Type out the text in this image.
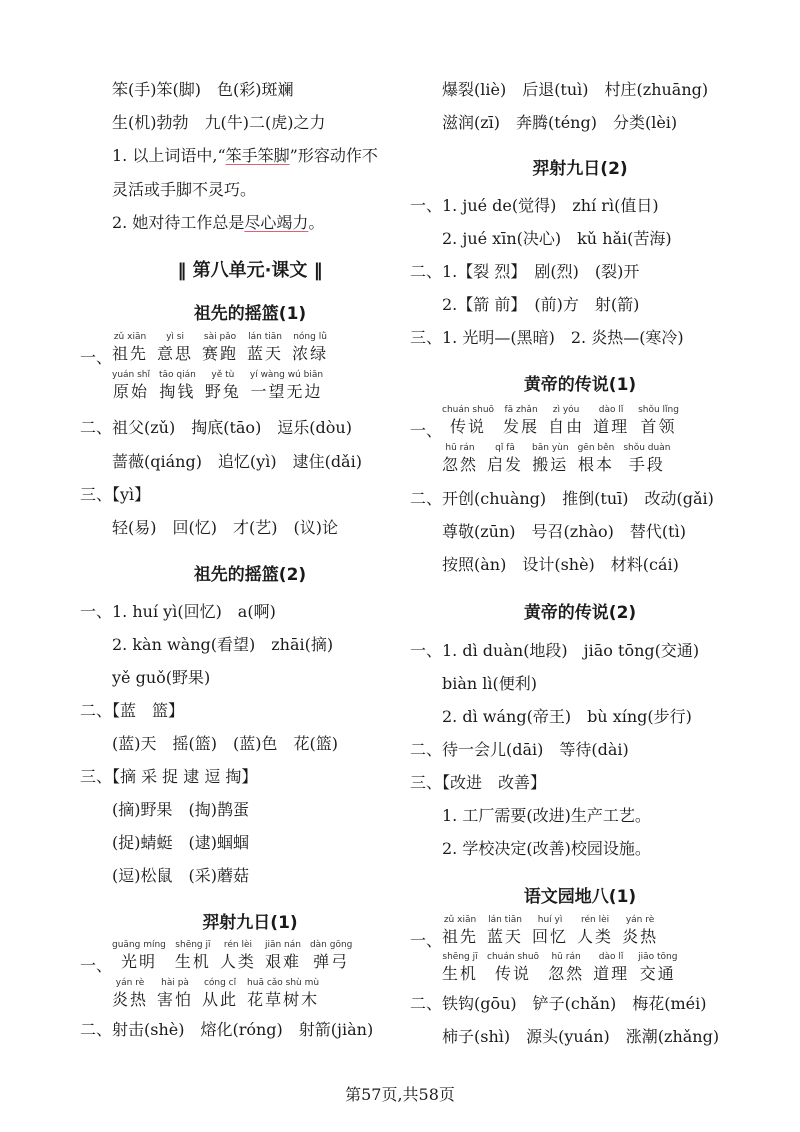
笨(手)笨(脚)　色(彩)斑斓
生(机)勃勃　九(牛)二(虎)之力
1. 以上词语中,“笨手笨脚”形容动作不
灵活或手脚不灵巧。
2. 她对待工作总是尽心竭力。
‖ 第八单元·课文 ‖
祖先的摇篮(1)
一、
zǔ xiān
祖先
yì si
意思
sài pǎo
赛跑
lán tiān
蓝天
nóng lǜ
浓绿
yuán shǐ
原始
tāo qián
掏钱
yě tù
野兔
yí wàng wú biān
一望无边
二、祖父(zǔ)　掏底(tāo)　逗乐(dòu)
蔷薇(qiáng)　追忆(yì)　逮住(dǎi)
三、【yì】
轻(易)　回(忆)　才(艺)　(议)论
祖先的摇篮(2)
一、1. huí yì(回忆)　a(啊)
2. kàn wàng(看望)　zhāi(摘)
yě guǒ(野果)
二、【蓝　篮】
(蓝)天　摇(篮)　(蓝)色　花(篮)
三、【摘 采 捉 逮 逗 掏】
(摘)野果　(掏)鹊蛋
(捉)蜻蜓　(逮)蝈蝈
(逗)松鼠　(采)蘑菇
羿射九日(1)
一、
guāng míng
光明
shēng jī
生机
rén lèi
人类
jiān nán
艰难
dàn gōng
弹弓
yán rè
炎热
hài pà
害怕
cóng cǐ
从此
huā cǎo shù mù
花草树木
二、射击(shè)　熔化(róng)　射箭(jiàn)
爆裂(liè)　后退(tuì)　村庄(zhuāng)
滋润(zī)　奔腾(téng)　分类(lèi)
羿射九日(2)
一、1. jué de(觉得)　zhí rì(值日)
2. jué xīn(决心)　kǔ hǎi(苦海)
二、1.【裂 烈】　剧(烈)　(裂)开
2.【箭 前】　(前)方　射(箭)
三、1. 光明—(黑暗)　2. 炎热—(寒冷)
黄帝的传说(1)
一、
chuán shuō
传说
fā zhǎn
发展
zì yóu
自由
dào lǐ
道理
shǒu lǐng
首领
hū rán
忽然
qǐ fā
启发
bān yùn
搬运
gēn běn
根本
shǒu duàn
手段
二、开创(chuàng)　推倒(tuī)　改动(gǎi)
尊敬(zūn)　号召(zhào)　替代(tì)
按照(àn)　设计(shè)　材料(cái)
黄帝的传说(2)
一、1. dì duàn(地段)　jiāo tōng(交通)
biàn lì(便利)
2. dì wáng(帝王)　bù xíng(步行)
二、待一会儿(dāi)　等待(dài)
三、【改进　改善】
1. 工厂需要(改进)生产工艺。
2. 学校决定(改善)校园设施。
语文园地八(1)
一、
zǔ xiān
祖先
lán tiān
蓝天
huí yì
回忆
rén lèi
人类
yán rè
炎热
shēng jī
生机
chuán shuō
传说
hū rán
忽然
dào lǐ
道理
jiāo tōng
交通
二、铁钩(gōu)　铲子(chǎn)　梅花(méi)
柿子(shì)　源头(yuán)　涨潮(zhǎng)
第57页,共58页
